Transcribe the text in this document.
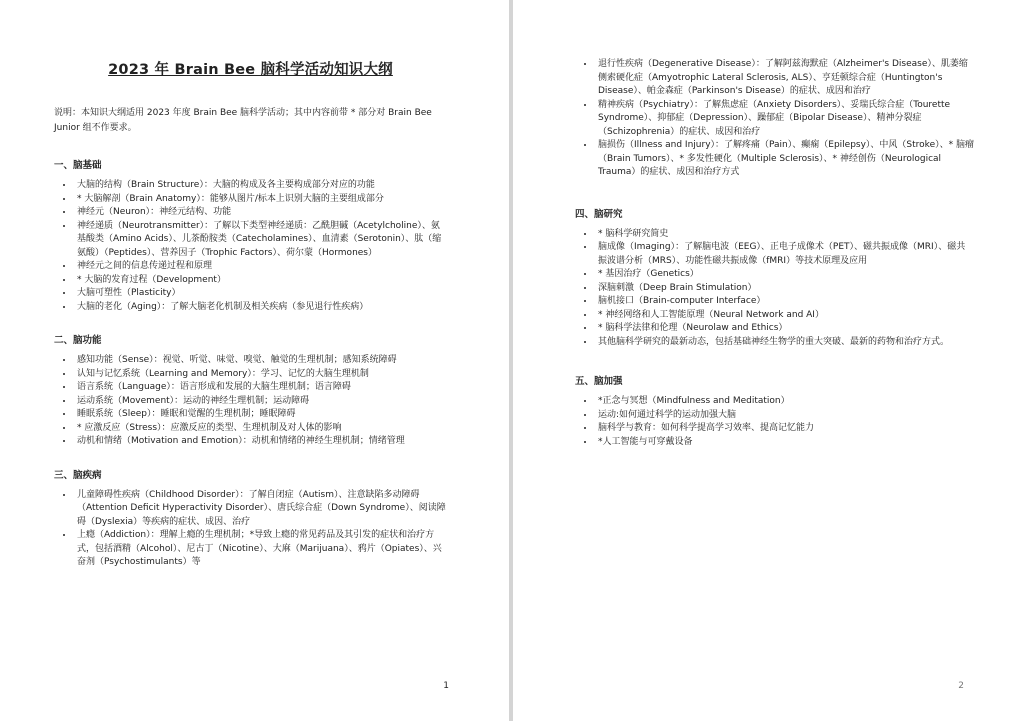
2023 年 Brain Bee 脑科学活动知识大纲
说明：本知识大纲适用 2023 年度 Brain Bee 脑科学活动；其中内容前带 * 部分对 Brain Bee Junior 组不作要求。
一、脑基础
• 大脑的结构（Brain Structure）：大脑的构成及各主要构成部分对应的功能
• * 大脑解剖（Brain Anatomy）：能够从图片/标本上识别大脑的主要组成部分
• 神经元（Neuron）：神经元结构、功能
• 神经递质（Neurotransmitter）：了解以下类型神经递质：乙酰胆碱（Acetylcholine）、氨基酸类（Amino Acids）、儿茶酚胺类（Catecholamines）、血清素（Serotonin）、肽（缩氨酸）（Peptides）、营养因子（Trophic Factors）、荷尔蒙（Hormones）
• 神经元之间的信息传递过程和原理
• * 大脑的发育过程（Development）
• 大脑可塑性（Plasticity）
• 大脑的老化（Aging）：了解大脑老化机制及相关疾病（参见退行性疾病）
二、脑功能
• 感知功能（Sense）：视觉、听觉、味觉、嗅觉、触觉的生理机制；感知系统障碍
• 认知与记忆系统（Learning and Memory）：学习、记忆的大脑生理机制
• 语言系统（Language）：语言形成和发展的大脑生理机制；语言障碍
• 运动系统（Movement）：运动的神经生理机制；运动障碍
• 睡眠系统（Sleep）：睡眠和觉醒的生理机制；睡眠障碍
• * 应激反应（Stress）：应激反应的类型、生理机制及对人体的影响
• 动机和情绪（Motivation and Emotion）：动机和情绪的神经生理机制；情绪管理
三、脑疾病
• 儿童障碍性疾病（Childhood Disorder）：了解自闭症（Autism）、注意缺陷多动障碍（Attention Deficit Hyperactivity Disorder）、唐氏综合症（Down Syndrome）、阅读障碍（Dyslexia）等疾病的症状、成因、治疗
• 上瘾（Addiction）：理解上瘾的生理机制；*导致上瘾的常见药品及其引发的症状和治疗方式，包括酒精（Alcohol）、尼古丁（Nicotine）、大麻（Marijuana）、鸦片（Opiates）、兴奋剂（Psychostimulants）等
1
• 退行性疾病（Degenerative Disease）：了解阿兹海默症（Alzheimer's Disease）、肌萎缩侧索硬化症（Amyotrophic Lateral Sclerosis, ALS）、亨廷顿综合症（Huntington's Disease）、帕金森症（Parkinson's Disease）的症状、成因和治疗
• 精神疾病（Psychiatry）：了解焦虑症（Anxiety Disorders）、妥瑞氏综合症（Tourette Syndrome）、抑郁症（Depression）、躁郁症（Bipolar Disease）、精神分裂症（Schizophrenia）的症状、成因和治疗
• 脑损伤（Illness and Injury）：了解疼痛（Pain）、癫痫（Epilepsy）、中风（Stroke）、* 脑瘤（Brain Tumors）、* 多发性硬化（Multiple Sclerosis）、* 神经创伤（Neurological Trauma）的症状、成因和治疗方式
四、脑研究
• * 脑科学研究简史
• 脑成像（Imaging）：了解脑电波（EEG）、正电子成像术（PET）、磁共振成像（MRI）、磁共振波谱分析（MRS）、功能性磁共振成像（fMRI）等技术原理及应用
• * 基因治疗（Genetics）
• 深脑刺激（Deep Brain Stimulation）
• 脑机接口（Brain-computer Interface）
• * 神经网络和人工智能原理（Neural Network and AI）
• * 脑科学法律和伦理（Neurolaw and Ethics）
• 其他脑科学研究的最新动态，包括基础神经生物学的重大突破、最新的药物和治疗方式。
五、脑加强
• *正念与冥想（Mindfulness and Meditation）
• 运动:如何通过科学的运动加强大脑
• 脑科学与教育：如何科学提高学习效率、提高记忆能力
• *人工智能与可穿戴设备
2
